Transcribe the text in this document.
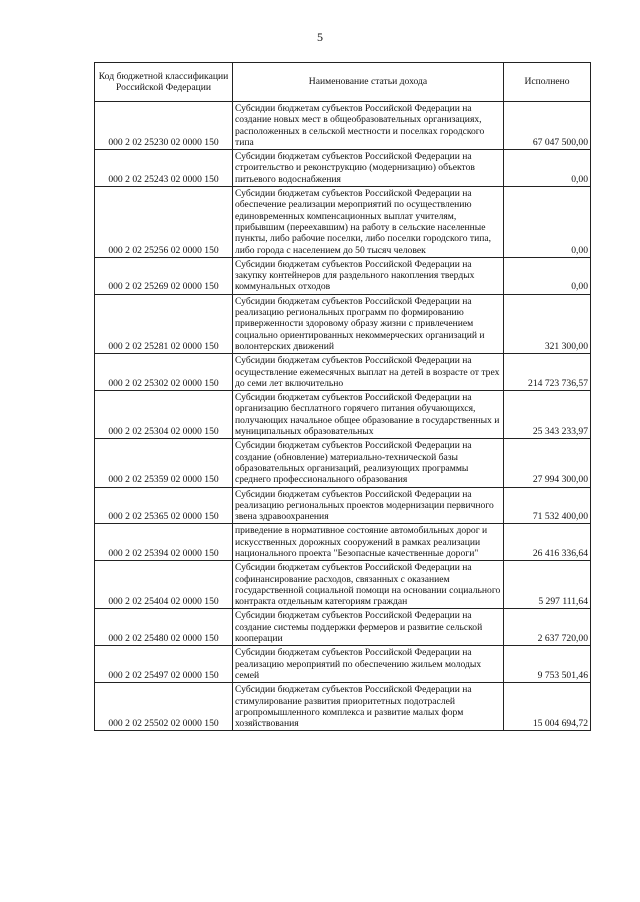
5
Код бюджетной классификации Российской Федерации	Наименование статьи дохода	Исполнено
000 2 02 25230 02 0000 150	Субсидии бюджетам субъектов Российской Федерации на создание новых мест в общеобразовательных организациях, расположенных в сельской местности и поселках городского типа	67 047 500,00
000 2 02 25243 02 0000 150	Субсидии бюджетам субъектов Российской Федерации на строительство и реконструкцию (модернизацию) объектов питьевого водоснабжения	0,00
000 2 02 25256 02 0000 150	Субсидии бюджетам субъектов Российской Федерации на обеспечение реализации мероприятий по осуществлению единовременных компенсационных выплат учителям, прибывшим (переехавшим) на работу в сельские населенные пункты, либо рабочие поселки, либо поселки городского типа, либо города с населением до 50 тысяч человек	0,00
000 2 02 25269 02 0000 150	Субсидии бюджетам субъектов Российской Федерации на закупку контейнеров для раздельного накопления твердых коммунальных отходов	0,00
000 2 02 25281 02 0000 150	Субсидии бюджетам субъектов Российской Федерации на реализацию региональных программ по формированию приверженности здоровому образу жизни с привлечением социально ориентированных некоммерческих организаций и волонтерских движений	321 300,00
000 2 02 25302 02 0000 150	Субсидии бюджетам субъектов Российской Федерации на осуществление ежемесячных выплат на детей в возрасте от трех до семи лет включительно	214 723 736,57
000 2 02 25304 02 0000 150	Субсидии бюджетам субъектов Российской Федерации на организацию бесплатного горячего питания обучающихся, получающих начальное общее образование в государственных и муниципальных образовательных	25 343 233,97
000 2 02 25359 02 0000 150	Субсидии бюджетам субъектов Российской Федерации на создание (обновление) материально-технической базы образовательных организаций, реализующих программы среднего профессионального образования	27 994 300,00
000 2 02 25365 02 0000 150	Субсидии бюджетам субъектов Российской Федерации на реализацию региональных проектов модернизации первичного звена здравоохранения	71 532 400,00
000 2 02 25394 02 0000 150	приведение в нормативное состояние автомобильных дорог и искусственных дорожных сооружений в рамках реализации национального проекта "Безопасные качественные дороги"	26 416 336,64
000 2 02 25404 02 0000 150	Субсидии бюджетам субъектов Российской Федерации на софинансирование расходов, связанных с оказанием государственной социальной помощи на основании социального контракта отдельным категориям граждан	5 297 111,64
000 2 02 25480 02 0000 150	Субсидии бюджетам субъектов Российской Федерации на создание системы поддержки фермеров и развитие сельской кооперации	2 637 720,00
000 2 02 25497 02 0000 150	Субсидии бюджетам субъектов Российской Федерации на реализацию мероприятий по обеспечению жильем молодых семей	9 753 501,46
000 2 02 25502 02 0000 150	Субсидии бюджетам субъектов Российской Федерации на стимулирование развития приоритетных подотраслей агропромышленного комплекса и развитие малых форм хозяйствования	15 004 694,72
